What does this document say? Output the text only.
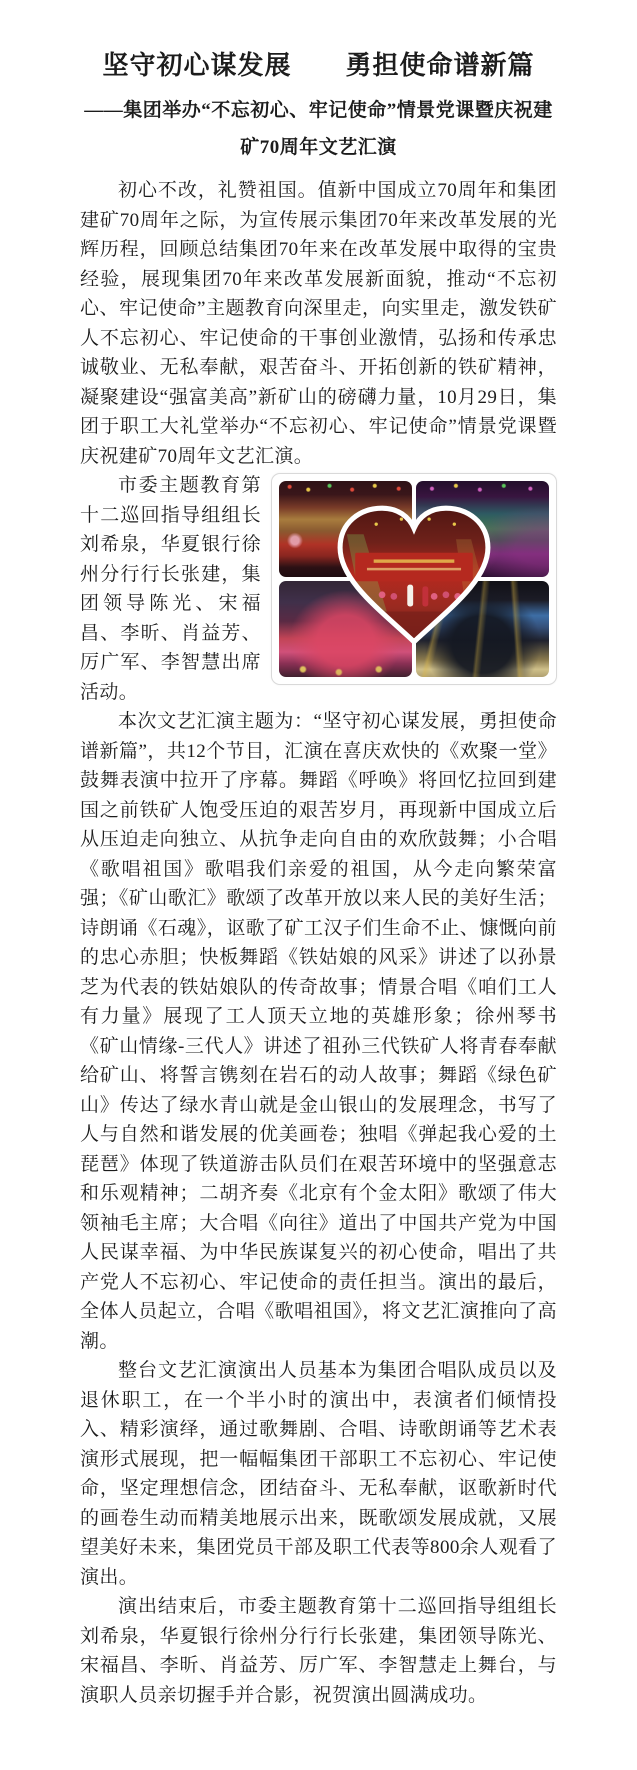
坚守初心谋发展　　勇担使命谱新篇
——集团举办“不忘初心、牢记使命”情景党课暨庆祝建矿70周年文艺汇演

初心不改，礼赞祖国。值新中国成立70周年和集团建矿70周年之际，为宣传展示集团70年来改革发展的光辉历程，回顾总结集团70年来在改革发展中取得的宝贵经验，展现集团70年来改革发展新面貌，推动“不忘初心、牢记使命”主题教育向深里走，向实里走，激发铁矿人不忘初心、牢记使命的干事创业激情，弘扬和传承忠诚敬业、无私奉献，艰苦奋斗、开拓创新的铁矿精神，凝聚建设“强富美高”新矿山的磅礴力量，10月29日，集团于职工大礼堂举办“不忘初心、牢记使命”情景党课暨庆祝建矿70周年文艺汇演。

市委主题教育第十二巡回指导组组长刘希泉，华夏银行徐州分行行长张建，集团领导陈光、宋福昌、李昕、肖益芳、厉广军、李智慧出席活动。

本次文艺汇演主题为：“坚守初心谋发展，勇担使命谱新篇”，共12个节目，汇演在喜庆欢快的《欢聚一堂》鼓舞表演中拉开了序幕。舞蹈《呼唤》将回忆拉回到建国之前铁矿人饱受压迫的艰苦岁月，再现新中国成立后从压迫走向独立、从抗争走向自由的欢欣鼓舞；小合唱《歌唱祖国》歌唱我们亲爱的祖国，从今走向繁荣富强；《矿山歌汇》歌颂了改革开放以来人民的美好生活；诗朗诵《石魂》，讴歌了矿工汉子们生命不止、慷慨向前的忠心赤胆；快板舞蹈《铁姑娘的风采》讲述了以孙景芝为代表的铁姑娘队的传奇故事；情景合唱《咱们工人有力量》展现了工人顶天立地的英雄形象；徐州琴书《矿山情缘-三代人》讲述了祖孙三代铁矿人将青春奉献给矿山、将誓言镌刻在岩石的动人故事；舞蹈《绿色矿山》传达了绿水青山就是金山银山的发展理念，书写了人与自然和谐发展的优美画卷；独唱《弹起我心爱的土琵琶》体现了铁道游击队员们在艰苦环境中的坚强意志和乐观精神；二胡齐奏《北京有个金太阳》歌颂了伟大领袖毛主席；大合唱《向往》道出了中国共产党为中国人民谋幸福、为中华民族谋复兴的初心使命，唱出了共产党人不忘初心、牢记使命的责任担当。演出的最后，全体人员起立，合唱《歌唱祖国》，将文艺汇演推向了高潮。

整台文艺汇演演出人员基本为集团合唱队成员以及退休职工，在一个半小时的演出中，表演者们倾情投入、精彩演绎，通过歌舞剧、合唱、诗歌朗诵等艺术表演形式展现，把一幅幅集团干部职工不忘初心、牢记使命，坚定理想信念，团结奋斗、无私奉献，讴歌新时代的画卷生动而精美地展示出来，既歌颂发展成就，又展望美好未来，集团党员干部及职工代表等800余人观看了演出。

演出结束后，市委主题教育第十二巡回指导组组长刘希泉，华夏银行徐州分行行长张建，集团领导陈光、宋福昌、李昕、肖益芳、厉广军、李智慧走上舞台，与演职人员亲切握手并合影，祝贺演出圆满成功。
